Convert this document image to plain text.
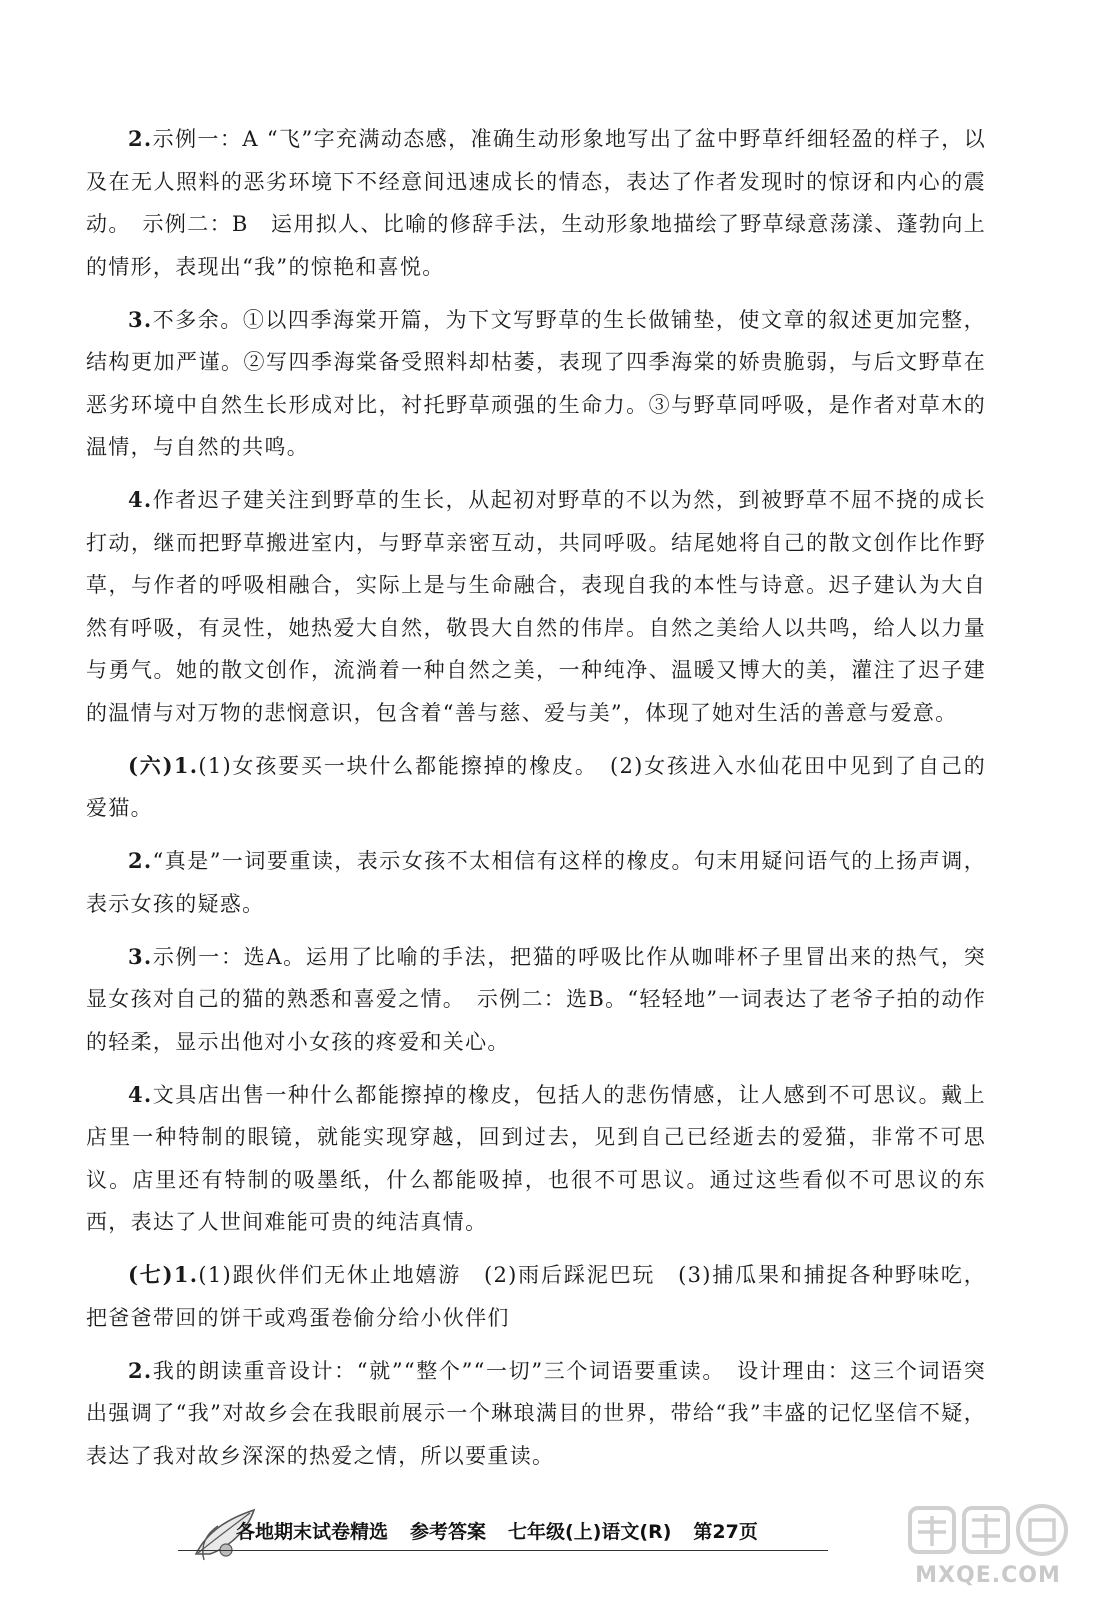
2.示例一：A “飞”字充满动态感，准确生动形象地写出了盆中野草纤细轻盈的样子，以及在无人照料的恶劣环境下不经意间迅速成长的情态，表达了作者发现时的惊讶和内心的震动。　示例二：B　运用拟人、比喻的修辞手法，生动形象地描绘了野草绿意荡漾、蓬勃向上的情形，表现出“我”的惊艳和喜悦。

3.不多余。①以四季海棠开篇，为下文写野草的生长做铺垫，使文章的叙述更加完整，结构更加严谨。②写四季海棠备受照料却枯萎，表现了四季海棠的娇贵脆弱，与后文野草在恶劣环境中自然生长形成对比，衬托野草顽强的生命力。③与野草同呼吸，是作者对草木的温情，与自然的共鸣。

4.作者迟子建关注到野草的生长，从起初对野草的不以为然，到被野草不屈不挠的成长打动，继而把野草搬进室内，与野草亲密互动，共同呼吸。结尾她将自己的散文创作比作野草，与作者的呼吸相融合，实际上是与生命融合，表现自我的本性与诗意。迟子建认为大自然有呼吸，有灵性，她热爱大自然，敬畏大自然的伟岸。自然之美给人以共鸣，给人以力量与勇气。她的散文创作，流淌着一种自然之美，一种纯净、温暖又博大的美，灌注了迟子建的温情与对万物的悲悯意识，包含着“善与慈、爱与美”，体现了她对生活的善意与爱意。

(六)1.(1)女孩要买一块什么都能擦掉的橡皮。　(2)女孩进入水仙花田中见到了自己的爱猫。

2.“真是”一词要重读，表示女孩不太相信有这样的橡皮。句末用疑问语气的上扬声调，表示女孩的疑惑。

3.示例一：选A。运用了比喻的手法，把猫的呼吸比作从咖啡杯子里冒出来的热气，突显女孩对自己的猫的熟悉和喜爱之情。　示例二：选B。“轻轻地”一词表达了老爷子拍的动作的轻柔，显示出他对小女孩的疼爱和关心。

4.文具店出售一种什么都能擦掉的橡皮，包括人的悲伤情感，让人感到不可思议。戴上店里一种特制的眼镜，就能实现穿越，回到过去，见到自己已经逝去的爱猫，非常不可思议。店里还有特制的吸墨纸，什么都能吸掉，也很不可思议。通过这些看似不可思议的东西，表达了人世间难能可贵的纯洁真情。

(七)1.(1)跟伙伴们无休止地嬉游　(2)雨后踩泥巴玩　(3)捕瓜果和捕捉各种野味吃，把爸爸带回的饼干或鸡蛋卷偷分给小伙伴们

2.我的朗读重音设计：“就”“整个”“一切”三个词语要重读。　设计理由：这三个词语突出强调了“我”对故乡会在我眼前展示一个琳琅满目的世界，带给“我”丰盛的记忆坚信不疑，表达了我对故乡深深的热爱之情，所以要重读。

各地期末试卷精选 参考答案 七年级(上)语文(R) 第27页
MXQE.COM
